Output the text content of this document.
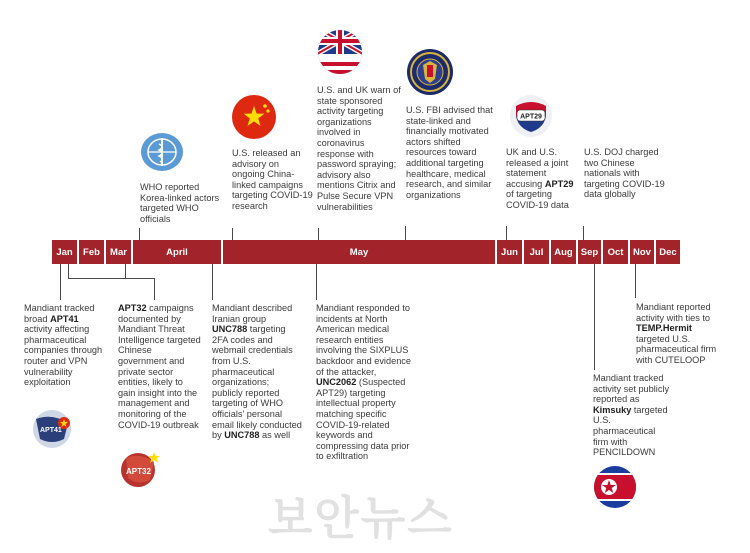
Jan	Feb	Mar	April	May	Jun	Jul	Aug Sep Oct	Nov Dec
APT29
APT41
APT32
WHO reported Korea-linked actors targeted WHO officials
U.S. released an advisory on ongoing China-linked campaigns targeting COVID-19 research
U.S. and UK warn of state sponsored activity targeting organizations involved in coronavirus response with password spraying; advisory also mentions Citrix and Pulse Secure VPN vulnerabilities
U.S. FBI advised that state-linked and financially motivated actors shifted resources toward additional targeting healthcare, medical research, and similar organizations
UK and U.S. released a joint statement accusing APT29 of targeting COVID-19 data
U.S. DOJ charged two Chinese nationals with targeting COVID-19 data globally
Mandiant tracked broad APT41 activity affecting pharmaceutical companies through router and VPN vulnerability exploitation
APT32 campaigns documented by Mandiant Threat Intelligence targeted Chinese government and private sector entities, likely to gain insight into the management and monitoring of the COVID-19 outbreak
Mandiant described Iranian group UNC788 targeting 2FA codes and webmail credentials from U.S. pharmaceutical organizations; publicly reported targeting of WHO officials' personal email likely conducted by UNC788 as well
Mandiant responded to incidents at North American medical research entities involving the SIXPLUS backdoor and evidence of the attacker, UNC2062 (Suspected APT29) targeting intellectual property matching specific COVID-19-related keywords and compressing data prior to exfiltration
Mandiant tracked activity set publicly reported as Kimsuky targeted U.S. pharmaceutical firm with PENCILDOWN
Mandiant reported activity with ties to TEMP.Hermit targeted U.S. pharmaceutical firm with CUTELOOP
보안뉴스
